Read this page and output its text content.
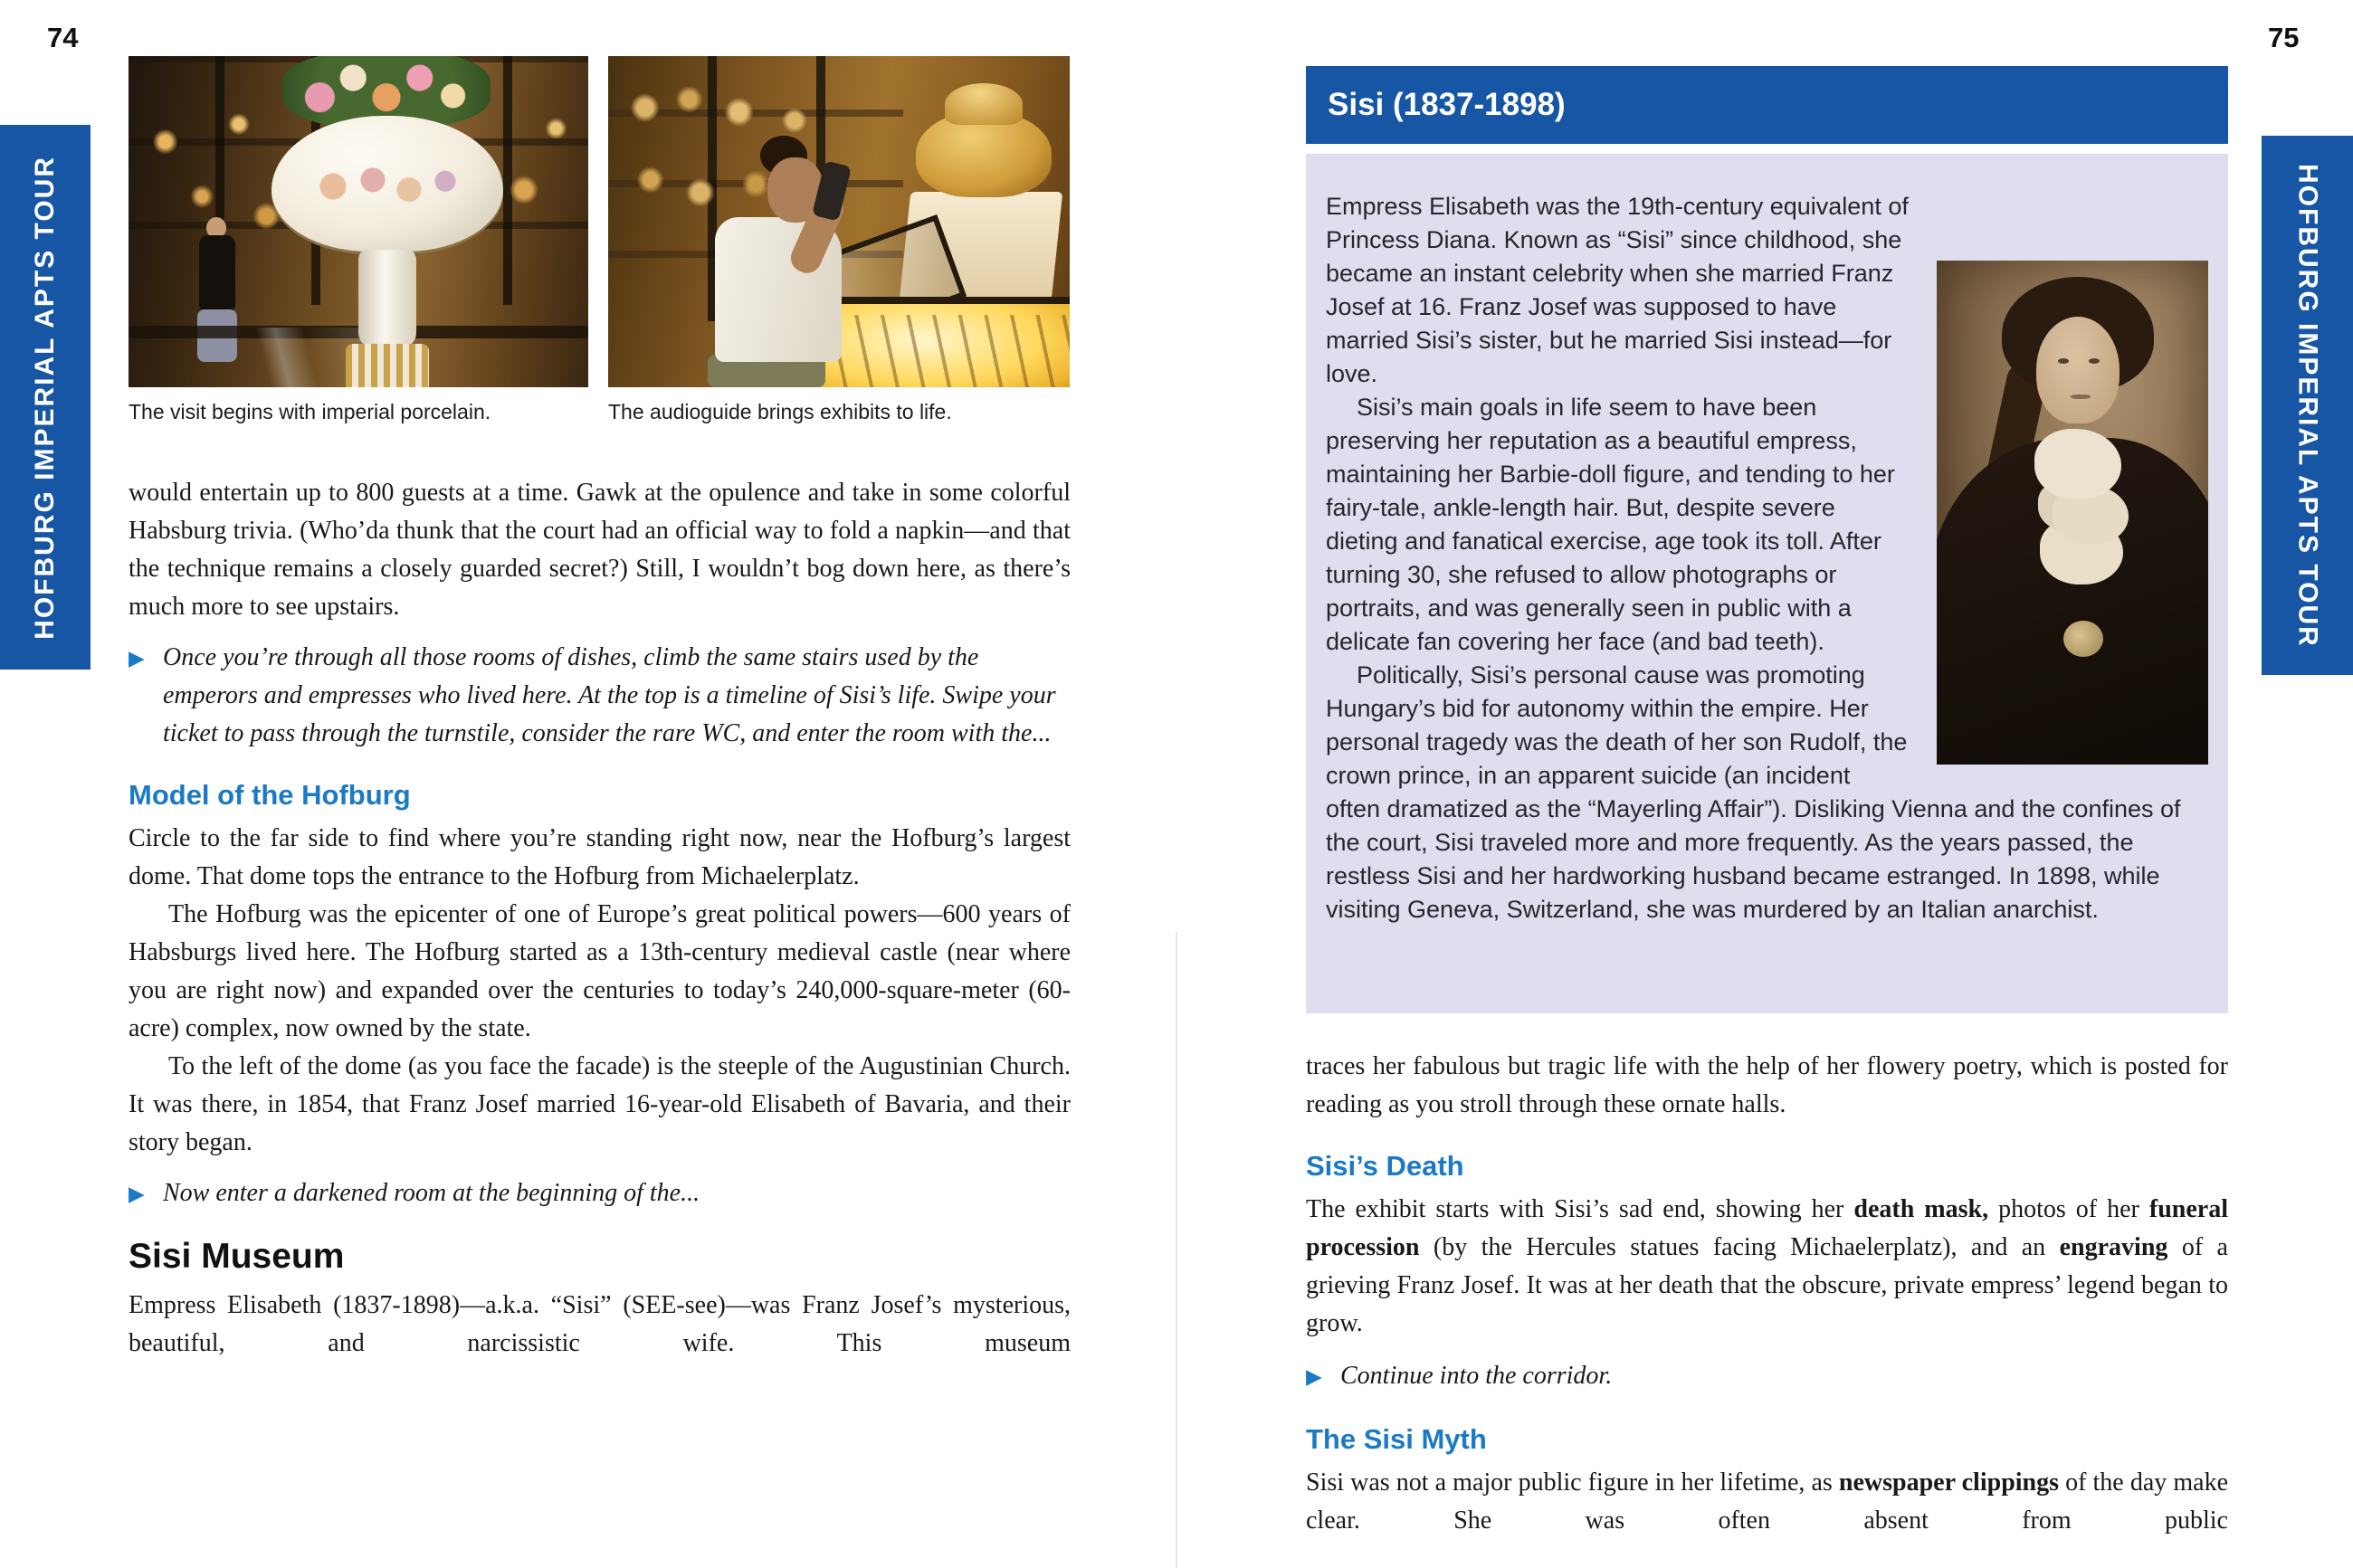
74
HOFBURG IMPERIAL APTS TOUR	The visit begins with imperial porcelain.	The audioguide brings exhibits to life.

would entertain up to 800 guests at a time. Gawk at the opulence and take in some colorful Habsburg trivia. (Who’da thunk that the court had an official way to fold a napkin—and that the technique remains a closely guarded secret?) Still, I wouldn’t bog down here, as there’s much more to see upstairs.

▶ Once you’re through all those rooms of dishes, climb the same stairs used by the emperors and empresses who lived here. At the top is a timeline of Sisi’s life. Swipe your ticket to pass through the turnstile, consider the rare WC, and enter the room with the...
Model of the Hofburg

Circle to the far side to find where you’re standing right now, near the Hofburg’s largest dome. That dome tops the entrance to the Hofburg from Michaelerplatz.

The Hofburg was the epicenter of one of Europe’s great political powers—600 years of Habsburgs lived here. The Hofburg started as a 13th-century medieval castle (near where you are right now) and expanded over the centuries to today’s 240,000-square-meter (60-acre) complex, now owned by the state.

To the left of the dome (as you face the facade) is the steeple of the Augustinian Church. It was there, in 1854, that Franz Josef married 16-year-old Elisabeth of Bavaria, and their story began.

▶ Now enter a darkened room at the beginning of the...
Sisi Museum

Empress Elisabeth (1837-1898)—a.k.a. “Sisi” (SEE-see)—was Franz Josef’s mysterious, beautiful, and narcissistic wife. This museum

75
HOFBURG IMPERIAL APTS TOUR
Sisi (1837-1898)

Empress Elisabeth was the 19th-century equivalent of Princess Diana. Known as “Sisi” since childhood, she became an instant celebrity when she married Franz Josef at 16. Franz Josef was supposed to have married Sisi’s sister, but he married Sisi instead—for love.

Sisi’s main goals in life seem to have been preserving her reputation as a beautiful empress, maintaining her Barbie-doll figure, and tending to her fairy-tale, ankle-length hair. But, despite severe dieting and fanatical exercise, age took its toll. After turning 30, she refused to allow photographs or portraits, and was generally seen in public with a delicate fan covering her face (and bad teeth).

Politically, Sisi’s personal cause was promoting Hungary’s bid for autonomy within the empire. Her personal tragedy was the death of her son Rudolf, the crown prince, in an apparent suicide (an incident often dramatized as the “Mayerling Affair”). Disliking Vienna and the confines of the court, Sisi traveled more and more frequently. As the years passed, the restless Sisi and her hardworking husband became estranged. In 1898, while visiting Geneva, Switzerland, she was murdered by an Italian anarchist.

traces her fabulous but tragic life with the help of her flowery poetry, which is posted for reading as you stroll through these ornate halls.

Sisi’s Death

The exhibit starts with Sisi’s sad end, showing her death mask, photos of her funeral procession (by the Hercules statues facing Michaelerplatz), and an engraving of a grieving Franz Josef. It was at her death that the obscure, private empress’ legend began to grow.

▶ Continue into the corridor.
The Sisi Myth

Sisi was not a major public figure in her lifetime, as newspaper clippings of the day make clear. She was often absent from public
